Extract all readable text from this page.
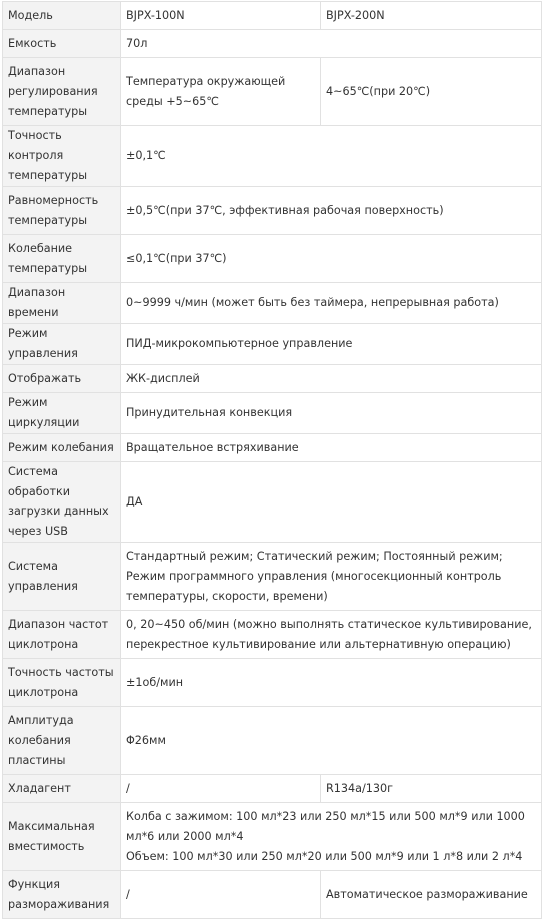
Модель	BJPX-100N	BJPX-200N
Емкость	70л	
Диапазон регулирования температуры	Температура окружающей среды +5~65℃	4~65℃(при 20℃)
Точность контроля температуры	±0,1℃	
Равномерность температуры	±0,5℃(при 37℃, эффективная рабочая поверхность)	
Колебание температуры	≤0,1℃(при 37℃)	
Диапазон времени	0~9999 ч/мин (может быть без таймера, непрерывная работа)	
Режим управления	ПИД-микрокомпьютерное управление	
Отображать	ЖК-дисплей	
Режим циркуляции	Принудительная конвекция	
Режим колебания	Вращательное встряхивание	
Система обработки загрузки данных через USB	ДА	
Система управления	Стандартный режим; Статический режим; Постоянный режим; Режим программного управления (многосекционный контроль температуры, скорости, времени)	
Диапазон частот циклотрона	0, 20~450 об/мин (можно выполнять статическое культивирование, перекрестное культивирование или альтернативную операцию)	
Точность частоты циклотрона	±1об/мин	
Амплитуда колебания пластины	Φ26мм	
Хладагент	/	R134a/130г
Максимальная вместимость	Колба с зажимом: 100 мл*23 или 250 мл*15 или 500 мл*9 или 1000 мл*6 или 2000 мл*4
Объем: 100 мл*30 или 250 мл*20 или 500 мл*9 или 1 л*8 или 2 л*4	

Функция размораживания	/	Автоматическое размораживание
